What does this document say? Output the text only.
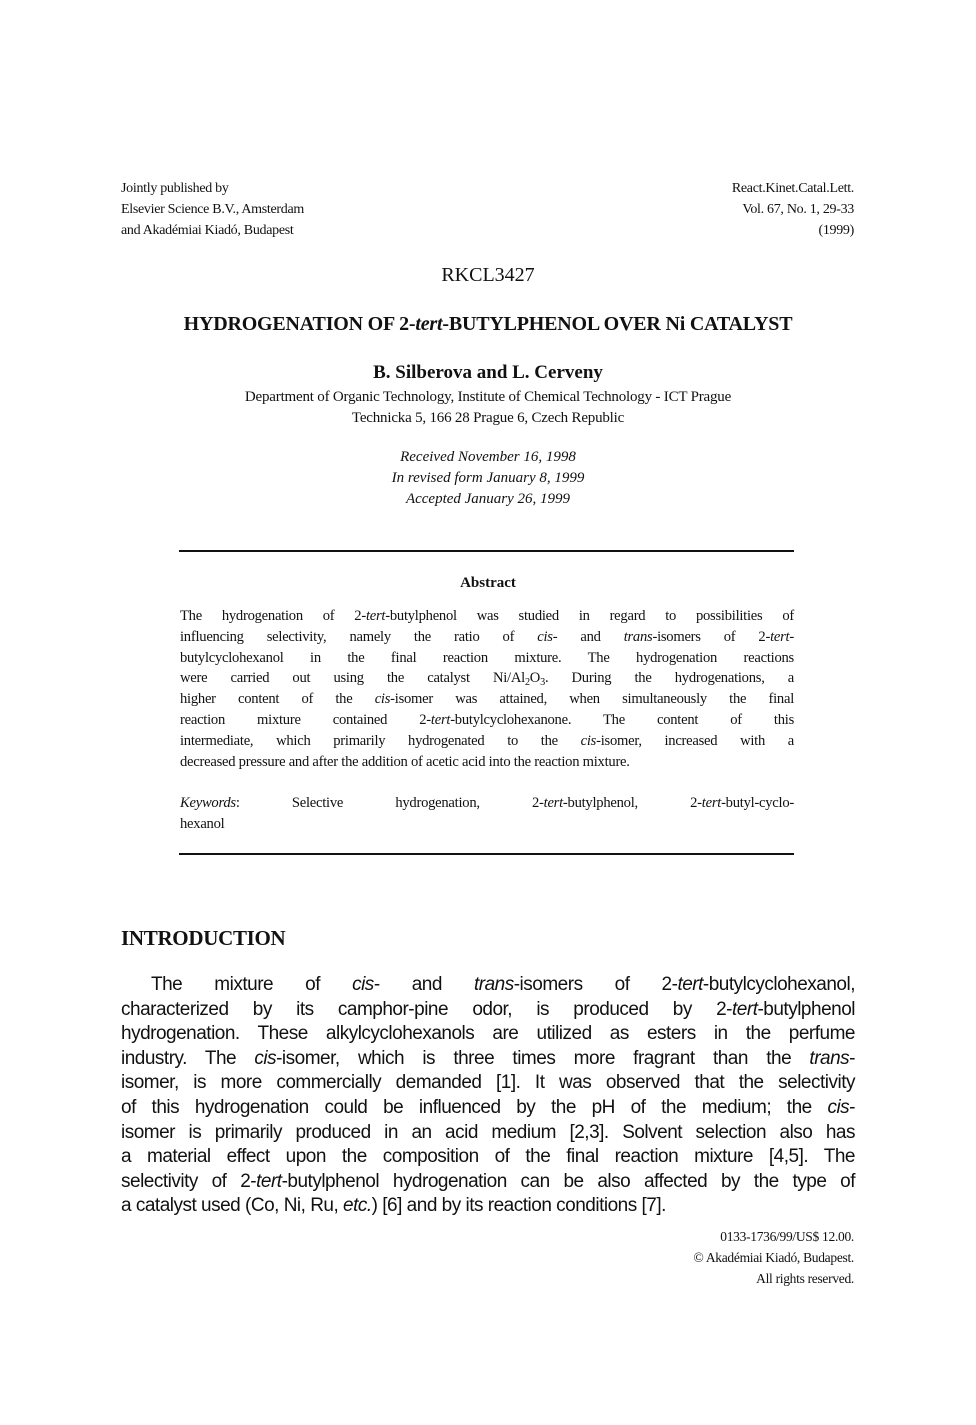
Jointly published by
Elsevier Science B.V., Amsterdam
and Akadémiai Kiadó, Budapest
React.Kinet.Catal.Lett.
Vol. 67, No. 1, 29-33
(1999)
RKCL3427
HYDROGENATION OF 2-tert-BUTYLPHENOL OVER Ni CATALYST
B. Silberova and L. Cerveny
Department of Organic Technology, Institute of Chemical Technology - ICT Prague
Technicka 5, 166 28 Prague 6, Czech Republic
Received November 16, 1998
In revised form January 8, 1999
Accepted January 26, 1999
Abstract
The hydrogenation of 2-tert-butylphenol was studied in regard to possibilities of
influencing selectivity, namely the ratio of cis- and trans-isomers of 2-tert-
butylcyclohexanol in the final reaction mixture. The hydrogenation reactions
were carried out using the catalyst $Ni/Al_2O_3$. During the hydrogenations, a
higher content of the cis-isomer was attained, when simultaneously the final
reaction mixture contained 2-tert-butylcyclohexanone. The content of this
intermediate, which primarily hydrogenated to the cis-isomer, increased with a
decreased pressure and after the addition of acetic acid into the reaction mixture.
Keywords: Selective hydrogenation, 2-tert-butylphenol, 2-tert-butyl-cyclo-
hexanol
INTRODUCTION
The mixture of cis- and trans-isomers of 2-tert-butylcyclohexanol,
characterized by its camphor-pine odor, is produced by 2-tert-butylphenol
hydrogenation. These alkylcyclohexanols are utilized as esters in the perfume
industry. The cis-isomer, which is three times more fragrant than the trans-
isomer, is more commercially demanded [1]. It was observed that the selectivity
of this hydrogenation could be influenced by the pH of the medium; the cis-
isomer is primarily produced in an acid medium [2,3]. Solvent selection also has
a material effect upon the composition of the final reaction mixture [4,5]. The
selectivity of 2-tert-butylphenol hydrogenation can be also affected by the type of
a catalyst used (Co, Ni, Ru, etc.) [6] and by its reaction conditions [7].
0133-1736/99/US$ 12.00.
© Akadémiai Kiadó, Budapest.
All rights reserved.
